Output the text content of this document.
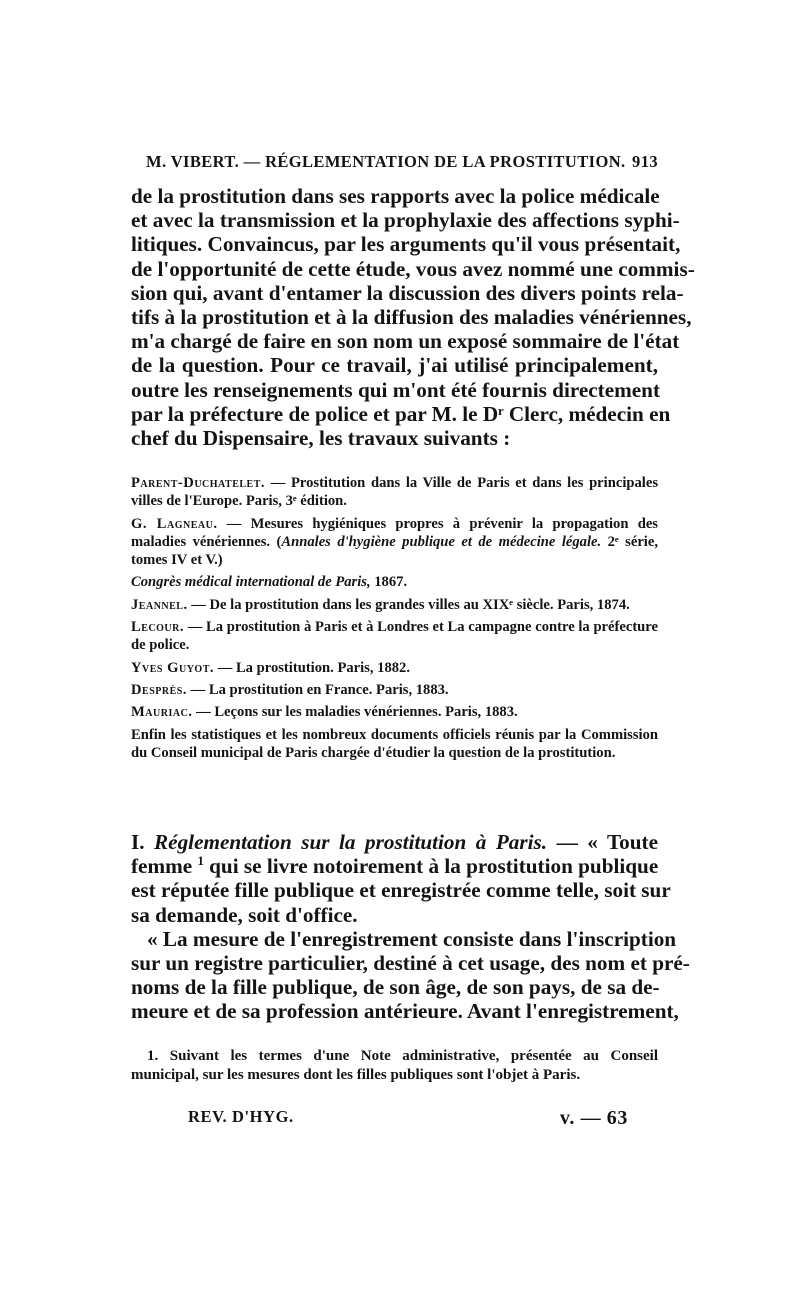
M. VIBERT. — RÉGLEMENTATION DE LA PROSTITUTION. 913
de la prostitution dans ses rapports avec la police médicale
et avec la transmission et la prophylaxie des affections syphi-
litiques. Convaincus, par les arguments qu'il vous présentait,
de l'opportunité de cette étude, vous avez nommé une commis-
sion qui, avant d'entamer la discussion des divers points rela-
tifs à la prostitution et à la diffusion des maladies vénériennes,
m'a chargé de faire en son nom un exposé sommaire de l'état
de la question. Pour ce travail, j'ai utilisé principalement,
outre les renseignements qui m'ont été fournis directement
par la préfecture de police et par M. le Dʳ Clerc, médecin en
chef du Dispensaire, les travaux suivants :

Parent-Duchatelet. — Prostitution dans la Ville de Paris et dans les principales villes de l'Europe. Paris, 3ᵉ édition.

G. Lagneau. — Mesures hygiéniques propres à prévenir la propagation des maladies vénériennes. (Annales d'hygiène publique et de médecine légale. 2ᵉ série, tomes IV et V.)

Congrès médical international de Paris, 1867.

Jeannel. — De la prostitution dans les grandes villes au XIXᵉ siècle. Paris, 1874.

Lecour. — La prostitution à Paris et à Londres et La campagne contre la préfecture de police.

Yves Guyot. — La prostitution. Paris, 1882.

Desprès. — La prostitution en France. Paris, 1883.

Mauriac. — Leçons sur les maladies vénériennes. Paris, 1883.

Enfin les statistiques et les nombreux documents officiels réunis par la Commission du Conseil municipal de Paris chargée d'étudier la question de la prostitution.

I. Réglementation sur la prostitution à Paris. — « Toute
femme $^1$ qui se livre notoirement à la prostitution publique
est réputée fille publique et enregistrée comme telle, soit sur
sa demande, soit d'office.
« La mesure de l'enregistrement consiste dans l'inscription
sur un registre particulier, destiné à cet usage, des nom et pré-
noms de la fille publique, de son âge, de son pays, de sa de-
meure et de sa profession antérieure. Avant l'enregistrement,
1. Suivant les termes d'une Note administrative, présentée au Conseil municipal, sur les mesures dont les filles publiques sont l'objet à Paris.
REV. D'HYG.	v. — 63
